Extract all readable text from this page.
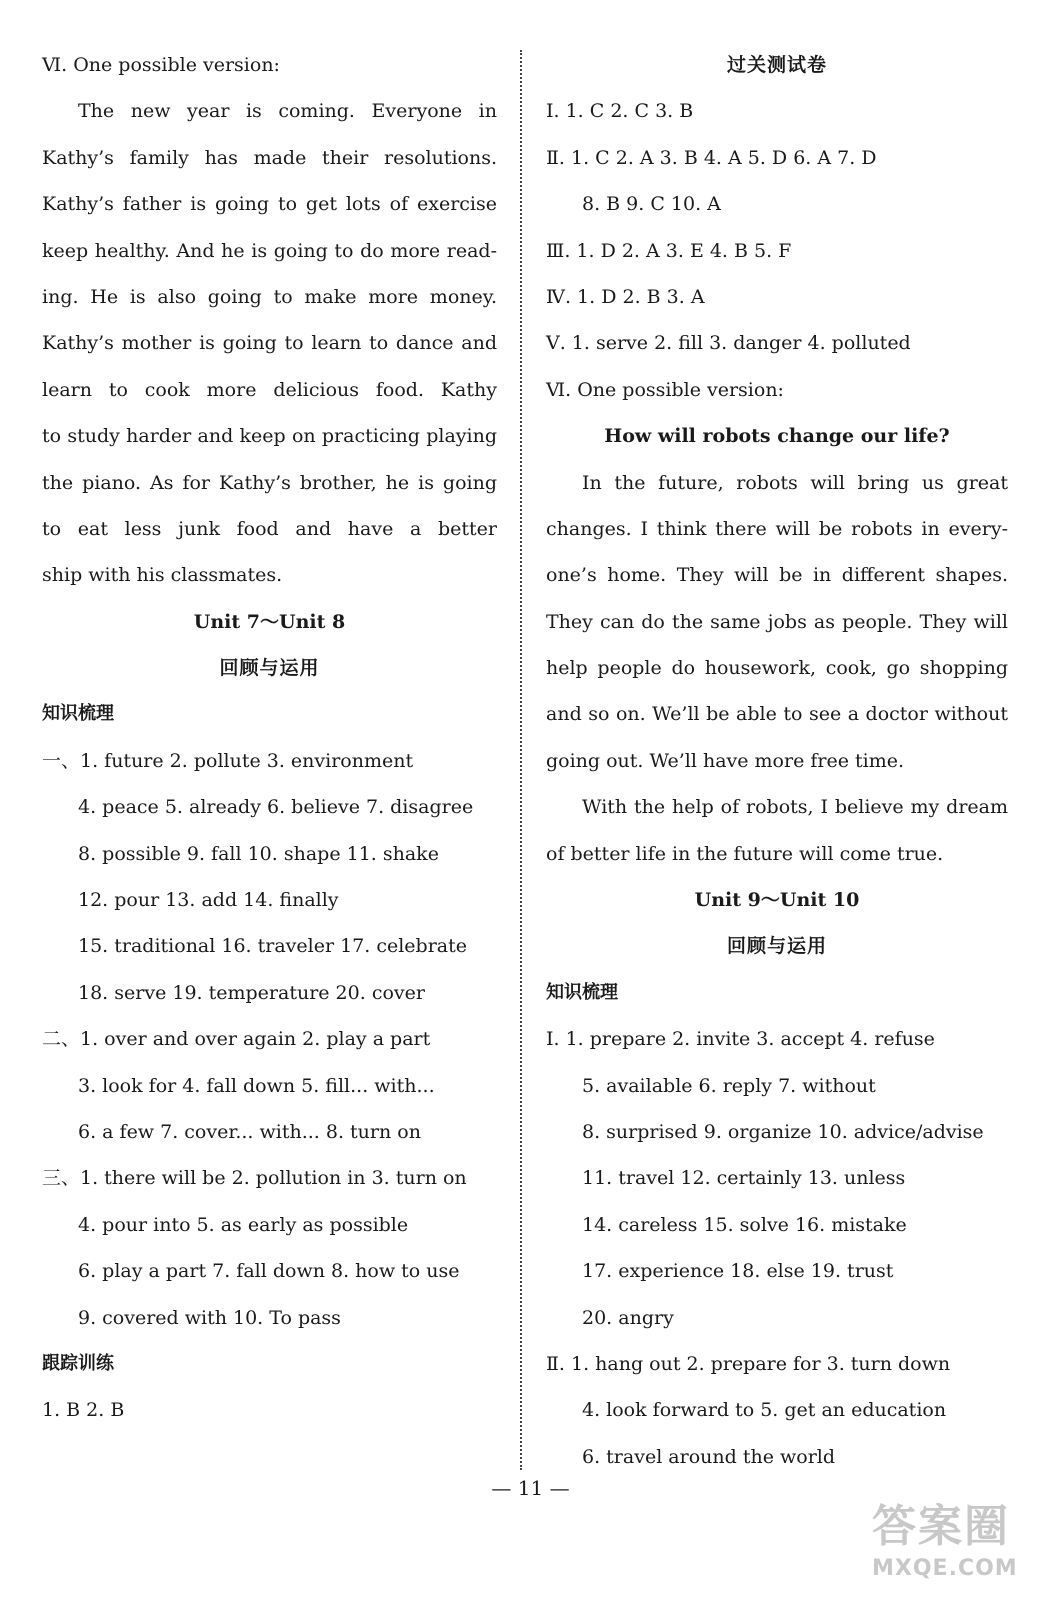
Ⅵ. One possible version:
The new year is coming. Everyone in
Kathy’s family has made their resolutions.
Kathy’s father is going to get lots of exercise
keep healthy. And he is going to do more read-
ing. He is also going to make more money.
Kathy’s mother is going to learn to dance and
learn to cook more delicious food. Kathy
to study harder and keep on practicing playing
the piano. As for Kathy’s brother, he is going
to eat less junk food and have a better
ship with his classmates.
Unit 7～Unit 8
回顾与运用
知识梳理
一、1. future 2. pollute 3. environment
4. peace 5. already 6. believe 7. disagree
8. possible 9. fall 10. shape 11. shake
12. pour 13. add 14. finally
15. traditional 16. traveler 17. celebrate
18. serve 19. temperature 20. cover
二、1. over and over again 2. play a part
3. look for 4. fall down 5. fill... with...
6. a few 7. cover... with... 8. turn on
三、1. there will be 2. pollution in 3. turn on
4. pour into 5. as early as possible
6. play a part 7. fall down 8. how to use
9. covered with 10. To pass
跟踪训练
1. B 2. B
过关测试卷
Ⅰ. 1. C 2. C 3. B
Ⅱ. 1. C 2. A 3. B 4. A 5. D 6. A 7. D
8. B 9. C 10. A
Ⅲ. 1. D 2. A 3. E 4. B 5. F
Ⅳ. 1. D 2. B 3. A
Ⅴ. 1. serve 2. fill 3. danger 4. polluted
Ⅵ. One possible version:
How will robots change our life?
In the future, robots will bring us great
changes. I think there will be robots in every-
one’s home. They will be in different shapes.
They can do the same jobs as people. They will
help people do housework, cook, go shopping
and so on. We’ll be able to see a doctor without
going out. We’ll have more free time.
With the help of robots, I believe my dream
of better life in the future will come true.
Unit 9～Unit 10
回顾与运用
知识梳理
Ⅰ. 1. prepare 2. invite 3. accept 4. refuse
5. available 6. reply 7. without
8. surprised 9. organize 10. advice/advise
11. travel 12. certainly 13. unless
14. careless 15. solve 16. mistake
17. experience 18. else 19. trust
20. angry
Ⅱ. 1. hang out 2. prepare for 3. turn down
4. look forward to 5. get an education
6. travel around the world
— 11 —
答案圈
MXQE.COM
